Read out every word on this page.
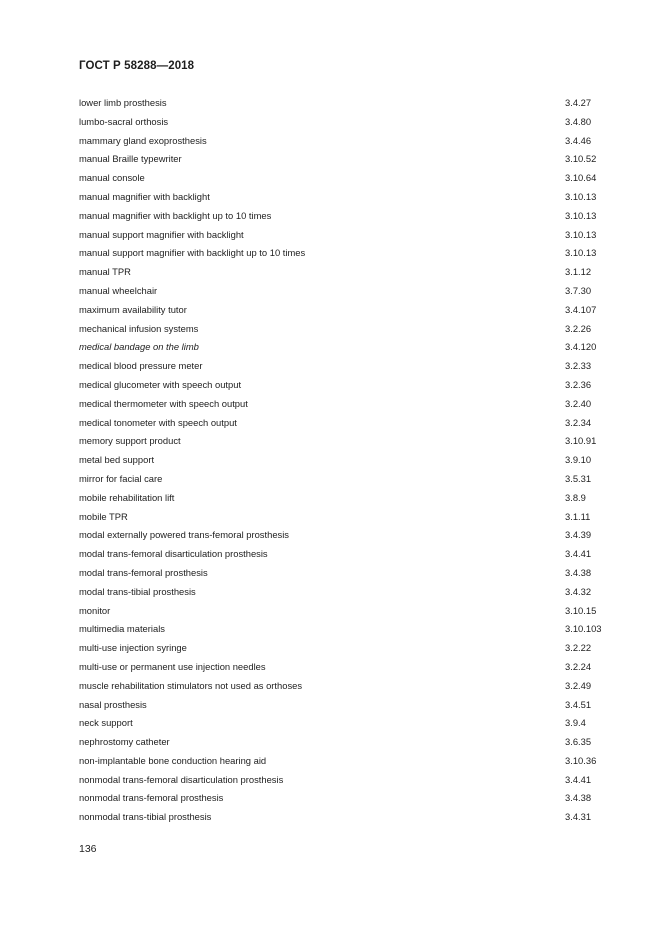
ГОСТ Р 58288—2018
lower limb prosthesis	3.4.27
lumbo-sacral orthosis	3.4.80
mammary gland exoprosthesis	3.4.46
manual Braille typewriter	3.10.52
manual console	3.10.64
manual magnifier with backlight	3.10.13
manual magnifier with backlight up to 10 times	3.10.13
manual support magnifier with backlight	3.10.13
manual support magnifier with backlight up to 10 times	3.10.13
manual TPR	3.1.12
manual wheelchair	3.7.30
maximum availability tutor	3.4.107
mechanical infusion systems	3.2.26
medical bandage on the limb	3.4.120
medical blood pressure meter	3.2.33
medical glucometer with speech output	3.2.36
medical thermometer with speech output	3.2.40
medical tonometer with speech output	3.2.34
memory support product	3.10.91
metal bed support	3.9.10
mirror for facial care	3.5.31
mobile rehabilitation lift	3.8.9
mobile TPR	3.1.11
modal externally powered trans-femoral prosthesis	3.4.39
modal trans-femoral disarticulation prosthesis	3.4.41
modal trans-femoral prosthesis	3.4.38
modal trans-tibial prosthesis	3.4.32
monitor	3.10.15
multimedia materials	3.10.103
multi-use injection syringe	3.2.22
multi-use or permanent use injection needles	3.2.24
muscle rehabilitation stimulators not used as orthoses	3.2.49
nasal prosthesis	3.4.51
neck support	3.9.4
nephrostomy catheter	3.6.35
non-implantable bone conduction hearing aid	3.10.36
nonmodal trans-femoral disarticulation prosthesis	3.4.41
nonmodal trans-femoral prosthesis	3.4.38
nonmodal trans-tibial prosthesis	3.4.31
136
